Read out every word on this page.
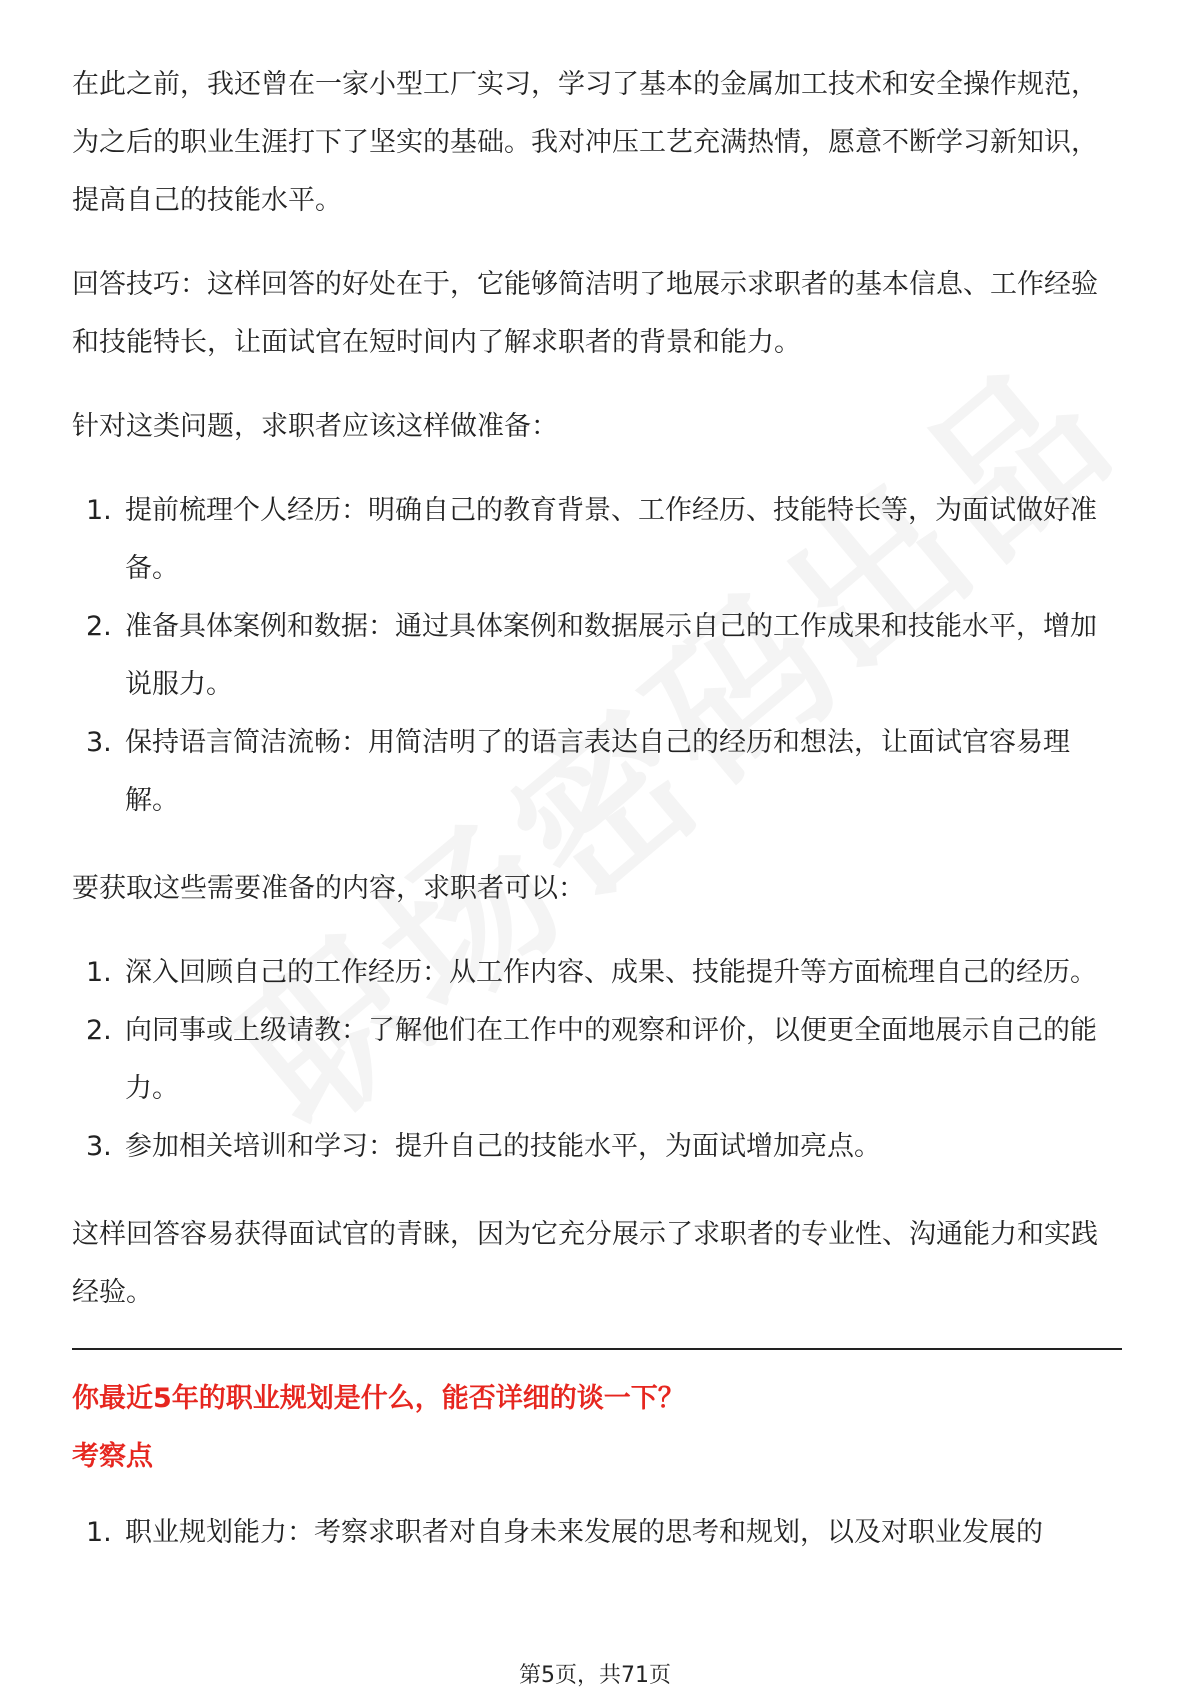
在此之前，我还曾在一家小型工厂实习，学习了基本的金属加工技术和安全操作规范，为之后的职业生涯打下了坚实的基础。我对冲压工艺充满热情，愿意不断学习新知识，提高自己的技能水平。

回答技巧：这样回答的好处在于，它能够简洁明了地展示求职者的基本信息、工作经验和技能特长，让面试官在短时间内了解求职者的背景和能力。

针对这类问题，求职者应该这样做准备：

1. 提前梳理个人经历：明确自己的教育背景、工作经历、技能特长等，为面试做好准备。
2. 准备具体案例和数据：通过具体案例和数据展示自己的工作成果和技能水平，增加说服力。
3. 保持语言简洁流畅：用简洁明了的语言表达自己的经历和想法，让面试官容易理解。

要获取这些需要准备的内容，求职者可以：

1. 深入回顾自己的工作经历：从工作内容、成果、技能提升等方面梳理自己的经历。
2. 向同事或上级请教：了解他们在工作中的观察和评价，以便更全面地展示自己的能力。
3. 参加相关培训和学习：提升自己的技能水平，为面试增加亮点。

这样回答容易获得面试官的青睐，因为它充分展示了求职者的专业性、沟通能力和实践经验。

你最近5年的职业规划是什么，能否详细的谈一下？

考察点

1. 职业规划能力：考察求职者对自身未来发展的思考和规划，以及对职业发展的
第5页，共71页
